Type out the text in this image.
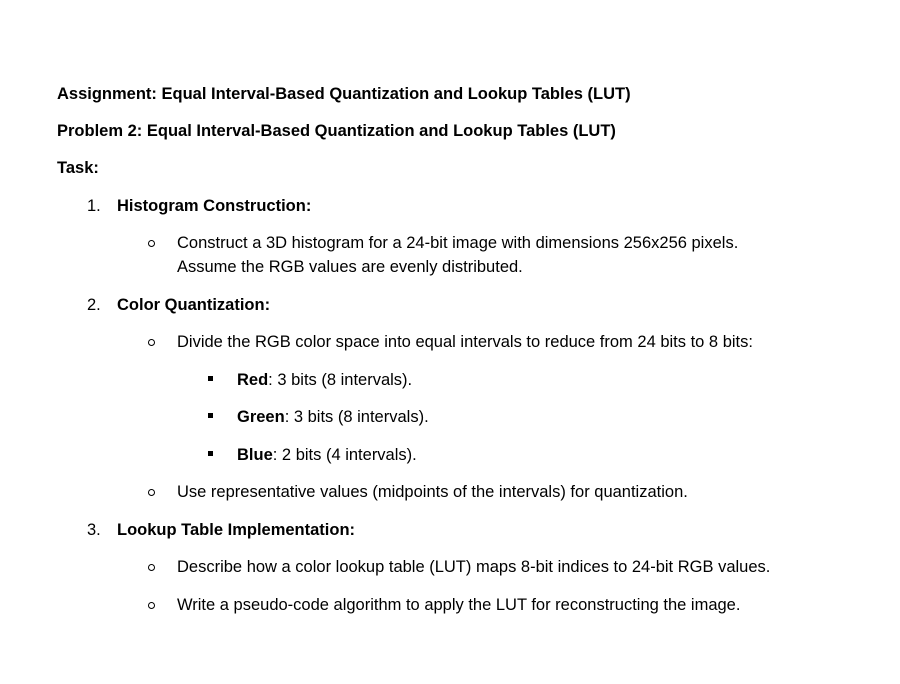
Assignment: Equal Interval-Based Quantization and Lookup Tables (LUT)
Problem 2: Equal Interval-Based Quantization and Lookup Tables (LUT)
Task:
1. Histogram Construction:
Construct a 3D histogram for a 24-bit image with dimensions 256x256 pixels.
Assume the RGB values are evenly distributed.
2. Color Quantization:
Divide the RGB color space into equal intervals to reduce from 24 bits to 8 bits:
Red: 3 bits (8 intervals).
Green: 3 bits (8 intervals).
Blue: 2 bits (4 intervals).
Use representative values (midpoints of the intervals) for quantization.
3. Lookup Table Implementation:
Describe how a color lookup table (LUT) maps 8-bit indices to 24-bit RGB values.
Write a pseudo-code algorithm to apply the LUT for reconstructing the image.
